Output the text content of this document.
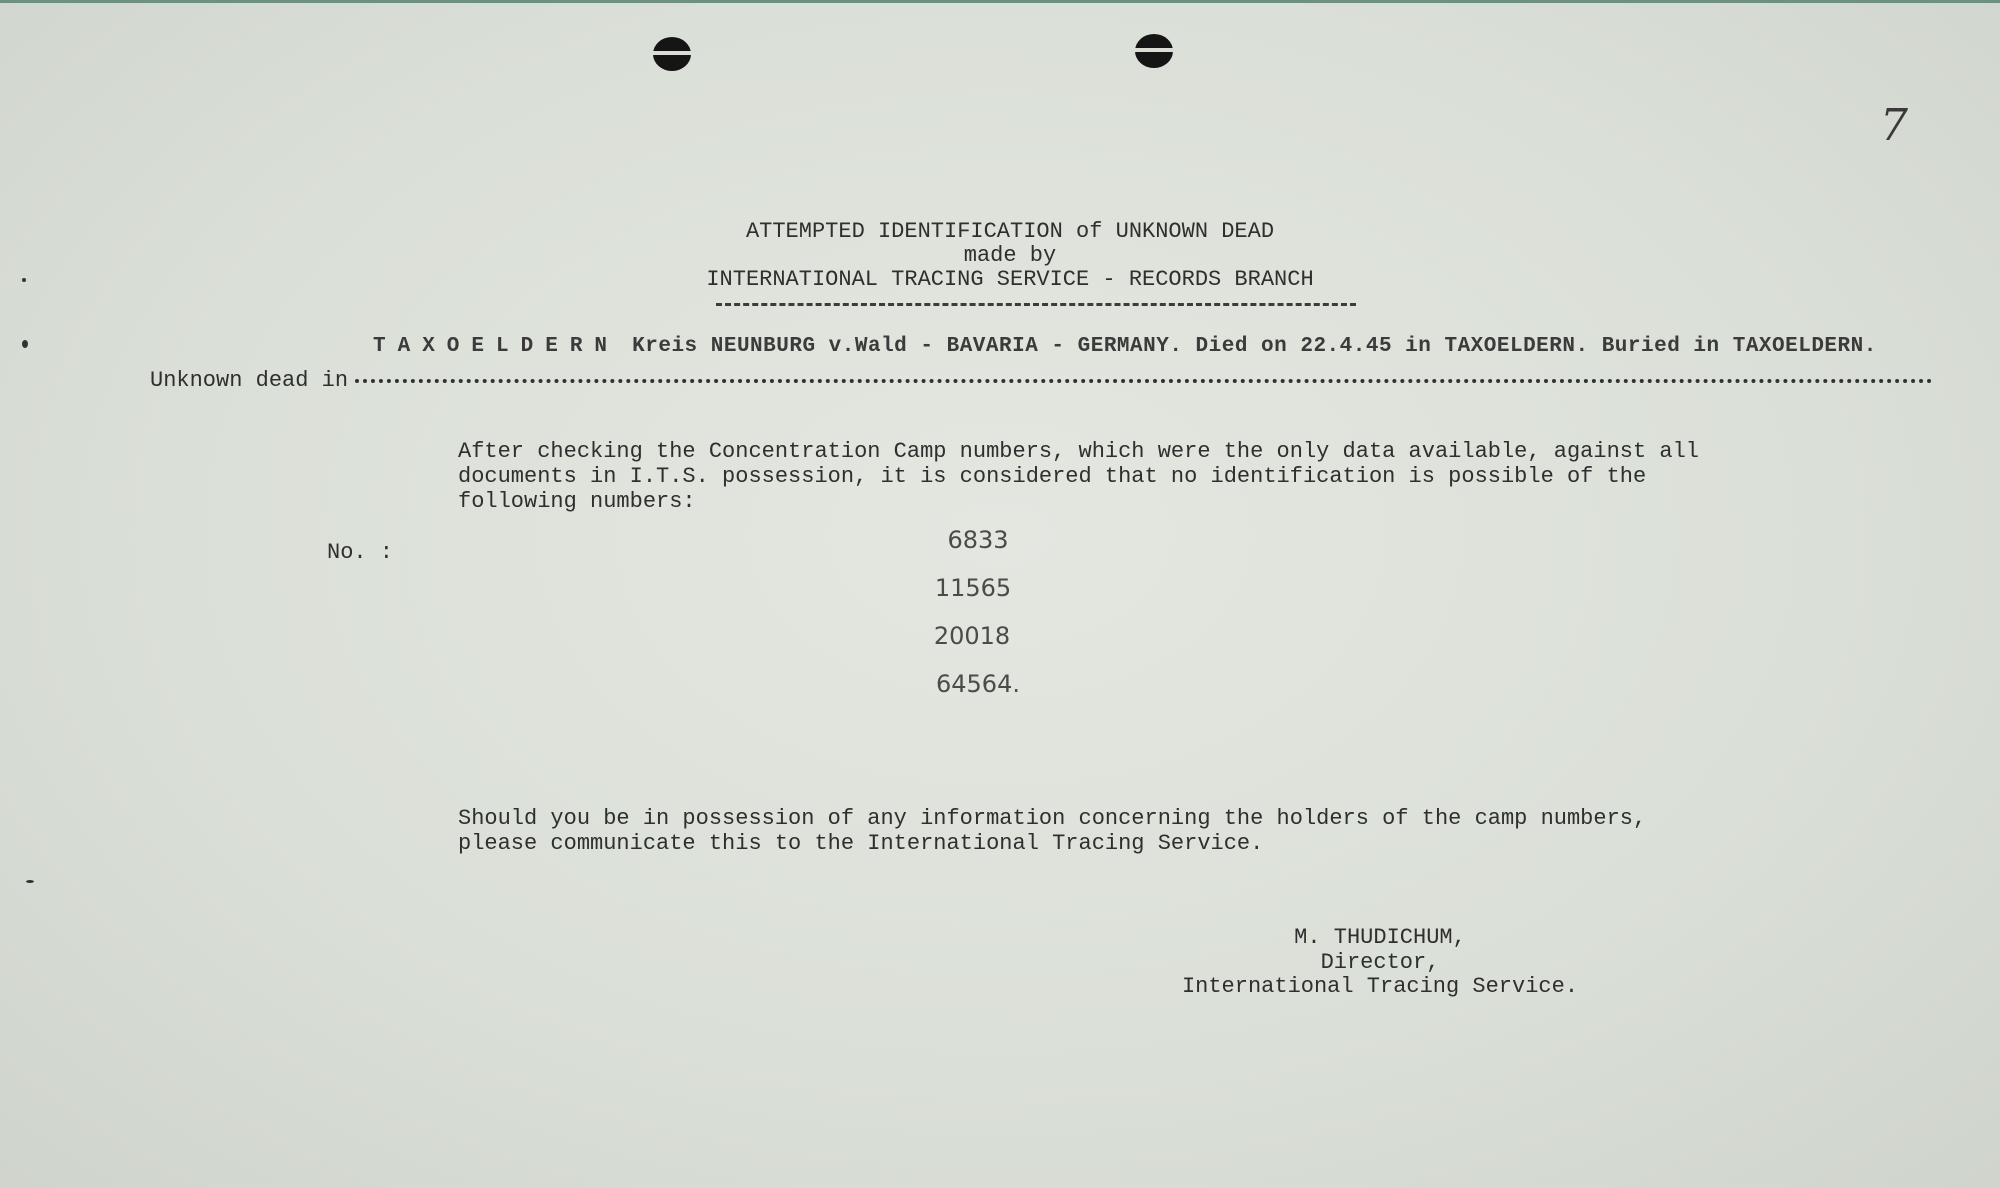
7
ATTEMPTED IDENTIFICATION of UNKNOWN DEAD
made by
INTERNATIONAL TRACING SERVICE - RECORDS BRANCH
TAXOELDERN Kreis NEUNBURG v.Wald - BAVARIA - GERMANY. Died on 22.4.45 in TAXOELDERN. Buried in TAXOELDERN.
Unknown dead in
After checking the Concentration Camp numbers, which were the only data available, against all
documents in I.T.S. possession, it is considered that no identification is possible of the
following numbers:
No. :	6833
11565
20018
64564.
Should you be in possession of any information concerning the holders of the camp numbers,
please communicate this to the International Tracing Service.
M. THUDICHUM,
Director,
International Tracing Service.
